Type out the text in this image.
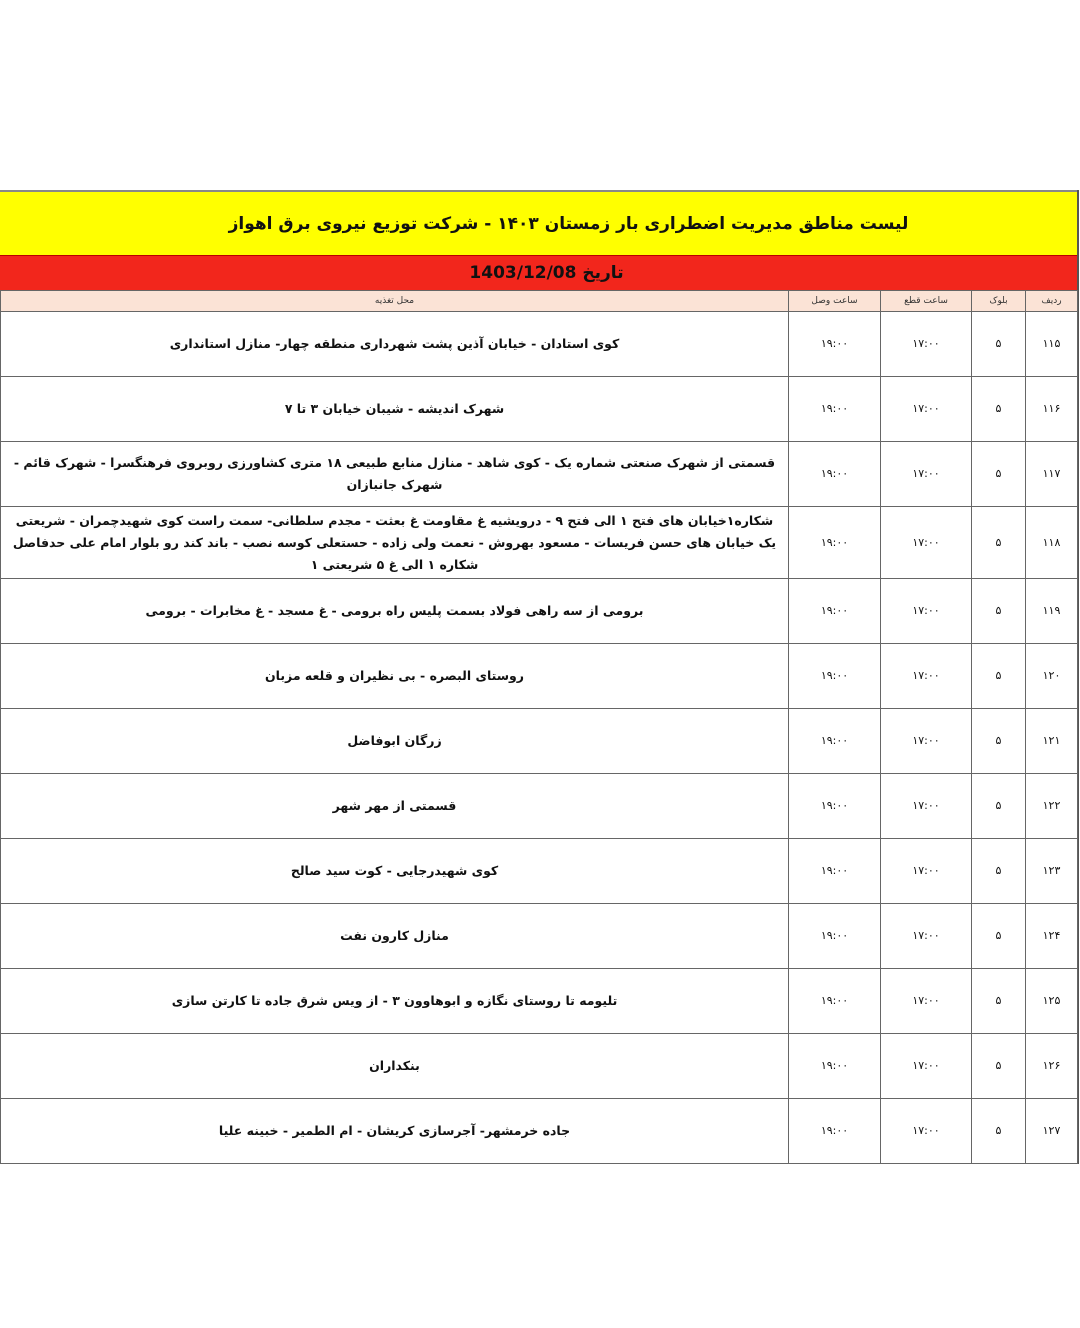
لیست مناطق مدیریت اضطراری بار زمستان ۱۴۰۳ - شرکت توزیع نیروی برق اهواز
تاریخ 1403/12/08
ردیف	بلوک	ساعت قطع	ساعت وصل	محل تغذیه
۱۱۵	۵	۱۷:۰۰	۱۹:۰۰	کوی استادان - خیابان آذین پشت شهرداری منطقه چهار- منازل استانداری
۱۱۶	۵	۱۷:۰۰	۱۹:۰۰	شهرک اندیشه - شیبان خیابان ۳ تا ۷
۱۱۷	۵	۱۷:۰۰	۱۹:۰۰	قسمتی از شهرک صنعتی شماره یک - کوی شاهد - منازل منابع طبیعی ۱۸ متری کشاورزی روبروی فرهنگسرا - شهرک قائم - شهرک جانبازان
۱۱۸	۵	۱۷:۰۰	۱۹:۰۰	شکاره۱خیابان های فتح ۱ الی فتح ۹ - درویشیه غ مقاومت غ بعثت - مجدم سلطانی- سمت راست کوی شهیدچمران - شریعتی یک خیابان های حسن فریسات - مسعود بهروش - نعمت ولی زاده - حستعلی کوسه نصب - باند کند رو بلوار امام علی حدفاصل شکاره ۱ الی غ ۵ شریعتی ۱
۱۱۹	۵	۱۷:۰۰	۱۹:۰۰	برومی از سه راهی فولاد بسمت پلیس راه برومی - غ مسجد - غ مخابرات - برومی
۱۲۰	۵	۱۷:۰۰	۱۹:۰۰	روستای البصره - بی نظیران و قلعه مزبان
۱۲۱	۵	۱۷:۰۰	۱۹:۰۰	زرگان ابوفاضل
۱۲۲	۵	۱۷:۰۰	۱۹:۰۰	قسمتی از مهر شهر
۱۲۳	۵	۱۷:۰۰	۱۹:۰۰	کوی شهیدرجایی - کوت سید صالح
۱۲۴	۵	۱۷:۰۰	۱۹:۰۰	منازل کارون نفت
۱۲۵	۵	۱۷:۰۰	۱۹:۰۰	تلیومه تا روستای نگازه و ابوهاوون ۳ - از ویس شرق جاده تا کارتن سازی
۱۲۶	۵	۱۷:۰۰	۱۹:۰۰	بنکداران
۱۲۷	۵	۱۷:۰۰	۱۹:۰۰	جاده خرمشهر- آجرسازی کریشان - ام الطمیر - خبینه علیا
